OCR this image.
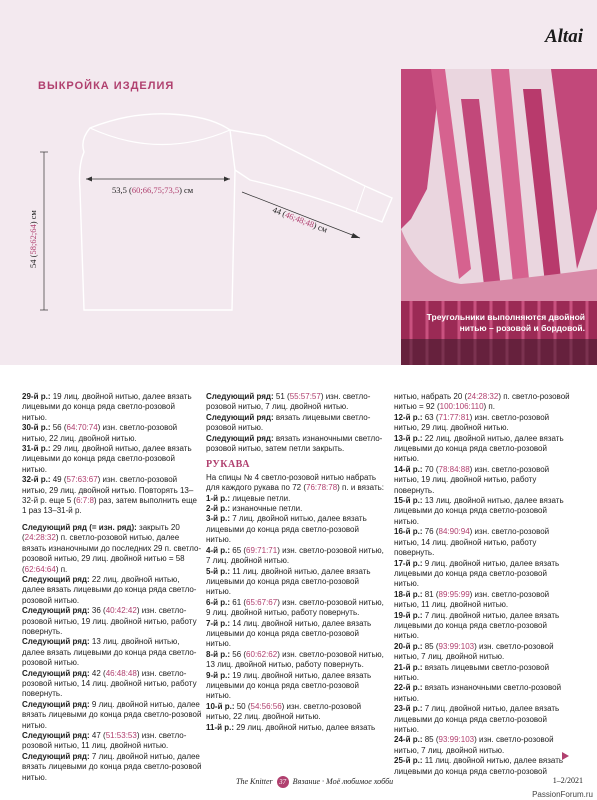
Altai
ВЫКРОЙКА ИЗДЕЛИЯ
54 (58;62;64) см
53,5 (60;66,75;73,5) см
44 (46;48;48) см
Треугольники выполняются двойной нитью – розовой и бордовой.

29-й р.: 19 лиц. двойной нитью, далее вязать лицевыми до конца ряда светло-розовой нитью.

30-й р.: 56 (64:70:74) изн. светло-розовой нитью, 22 лиц. двойной нитью.

31-й р.: 29 лиц. двойной нитью, далее вязать лицевыми до конца ряда светло-розовой нитью.

32-й р.: 49 (57:63:67) изн. светло-розовой нитью, 29 лиц. двойной нитью. Повторять 13–32-й р. еще 5 (6:7:8) раз, затем выполнить еще 1 раз 13–31-й р.

Следующий ряд (= изн. ряд): закрыть 20 (24:28:32) п. светло-розовой нитью, далее вязать изнаночными до последних 29 п. светло-розовой нитью, 29 лиц. двойной нитью = 58 (62:64:64) п.

Следующий ряд: 22 лиц. двойной нитью, далее вязать лицевыми до конца ряда светло-розовой нитью.

Следующий ряд: 36 (40:42:42) изн. светло-розовой нитью, 19 лиц. двойной нитью, работу повернуть.

Следующий ряд: 13 лиц. двойной нитью, далее вязать лицевыми до конца ряда светло-розовой нитью.

Следующий ряд: 42 (46:48:48) изн. светло-розовой нитью, 14 лиц. двойной нитью, работу повернуть.

Следующий ряд: 9 лиц. двойной нитью, далее вязать лицевыми до конца ряда светло-розовой нитью.

Следующий ряд: 47 (51:53:53) изн. светло-розовой нитью, 11 лиц. двойной нитью.

Следующий ряд: 7 лиц. двойной нитью, далее вязать лицевыми до конца ряда светло-розовой нитью.

Следующий ряд: 51 (55:57:57) изн. светло-розовой нитью, 7 лиц. двойной нитью.

Следующий ряд: вязать лицевыми светло-розовой нитью.

Следующий ряд: вязать изнаночными светло-розовой нитью, затем петли закрыть.

РУКАВА

На спицы № 4 светло-розовой нитью набрать для каждого рукава по 72 (76:78:78) п. и вязать:

1-й р.: лицевые петли.

2-й р.: изнаночные петли.

3-й р.: 7 лиц. двойной нитью, далее вязать лицевыми до конца ряда светло-розовой нитью.

4-й р.: 65 (69:71:71) изн. светло-розовой нитью, 7 лиц. двойной нитью.

5-й р.: 11 лиц. двойной нитью, далее вязать лицевыми до конца ряда светло-розовой нитью.

6-й р.: 61 (65:67:67) изн. светло-розовой нитью, 9 лиц. двойной нитью, работу повернуть.

7-й р.: 14 лиц. двойной нитью, далее вязать лицевыми до конца ряда светло-розовой нитью.

8-й р.: 56 (60:62:62) изн. светло-розовой нитью, 13 лиц. двойной нитью, работу повернуть.

9-й р.: 19 лиц. двойной нитью, далее вязать лицевыми до конца ряда светло-розовой нитью.

10-й р.: 50 (54:56:56) изн. светло-розовой нитью, 22 лиц. двойной нитью.

11-й р.: 29 лиц. двойной нитью, далее вязать

нитью, набрать 20 (24:28:32) п. светло-розовой нитью = 92 (100:106:110) п.

12-й р.: 63 (71:77:81) изн. светло-розовой нитью, 29 лиц. двойной нитью.

13-й р.: 22 лиц. двойной нитью, далее вязать лицевыми до конца ряда светло-розовой нитью.

14-й р.: 70 (78:84:88) изн. светло-розовой нитью, 19 лиц. двойной нитью, работу повернуть.

15-й р.: 13 лиц. двойной нитью, далее вязать лицевыми до конца ряда светло-розовой нитью.

16-й р.: 76 (84:90:94) изн. светло-розовой нитью, 14 лиц. двойной нитью, работу повернуть.

17-й р.: 9 лиц. двойной нитью, далее вязать лицевыми до конца ряда светло-розовой нитью.

18-й р.: 81 (89:95:99) изн. светло-розовой нитью, 11 лиц. двойной нитью.

19-й р.: 7 лиц. двойной нитью, далее вязать лицевыми до конца ряда светло-розовой нитью.

20-й р.: 85 (93:99:103) изн. светло-розовой нитью, 7 лиц. двойной нитью.

21-й р.: вязать лицевыми светло-розовой нитью.

22-й р.: вязать изнаночными светло-розовой нитью.

23-й р.: 7 лиц. двойной нитью, далее вязать лицевыми до конца ряда светло-розовой нитью.

24-й р.: 85 (93:99:103) изн. светло-розовой нитью, 7 лиц. двойной нитью.

25-й р.: 11 лиц. двойной нитью, далее вязать лицевыми до конца ряда светло-розовой

The Knitter 37 Вязание · Моё любимое хобби	1–2/2021
PassionForum.ru
